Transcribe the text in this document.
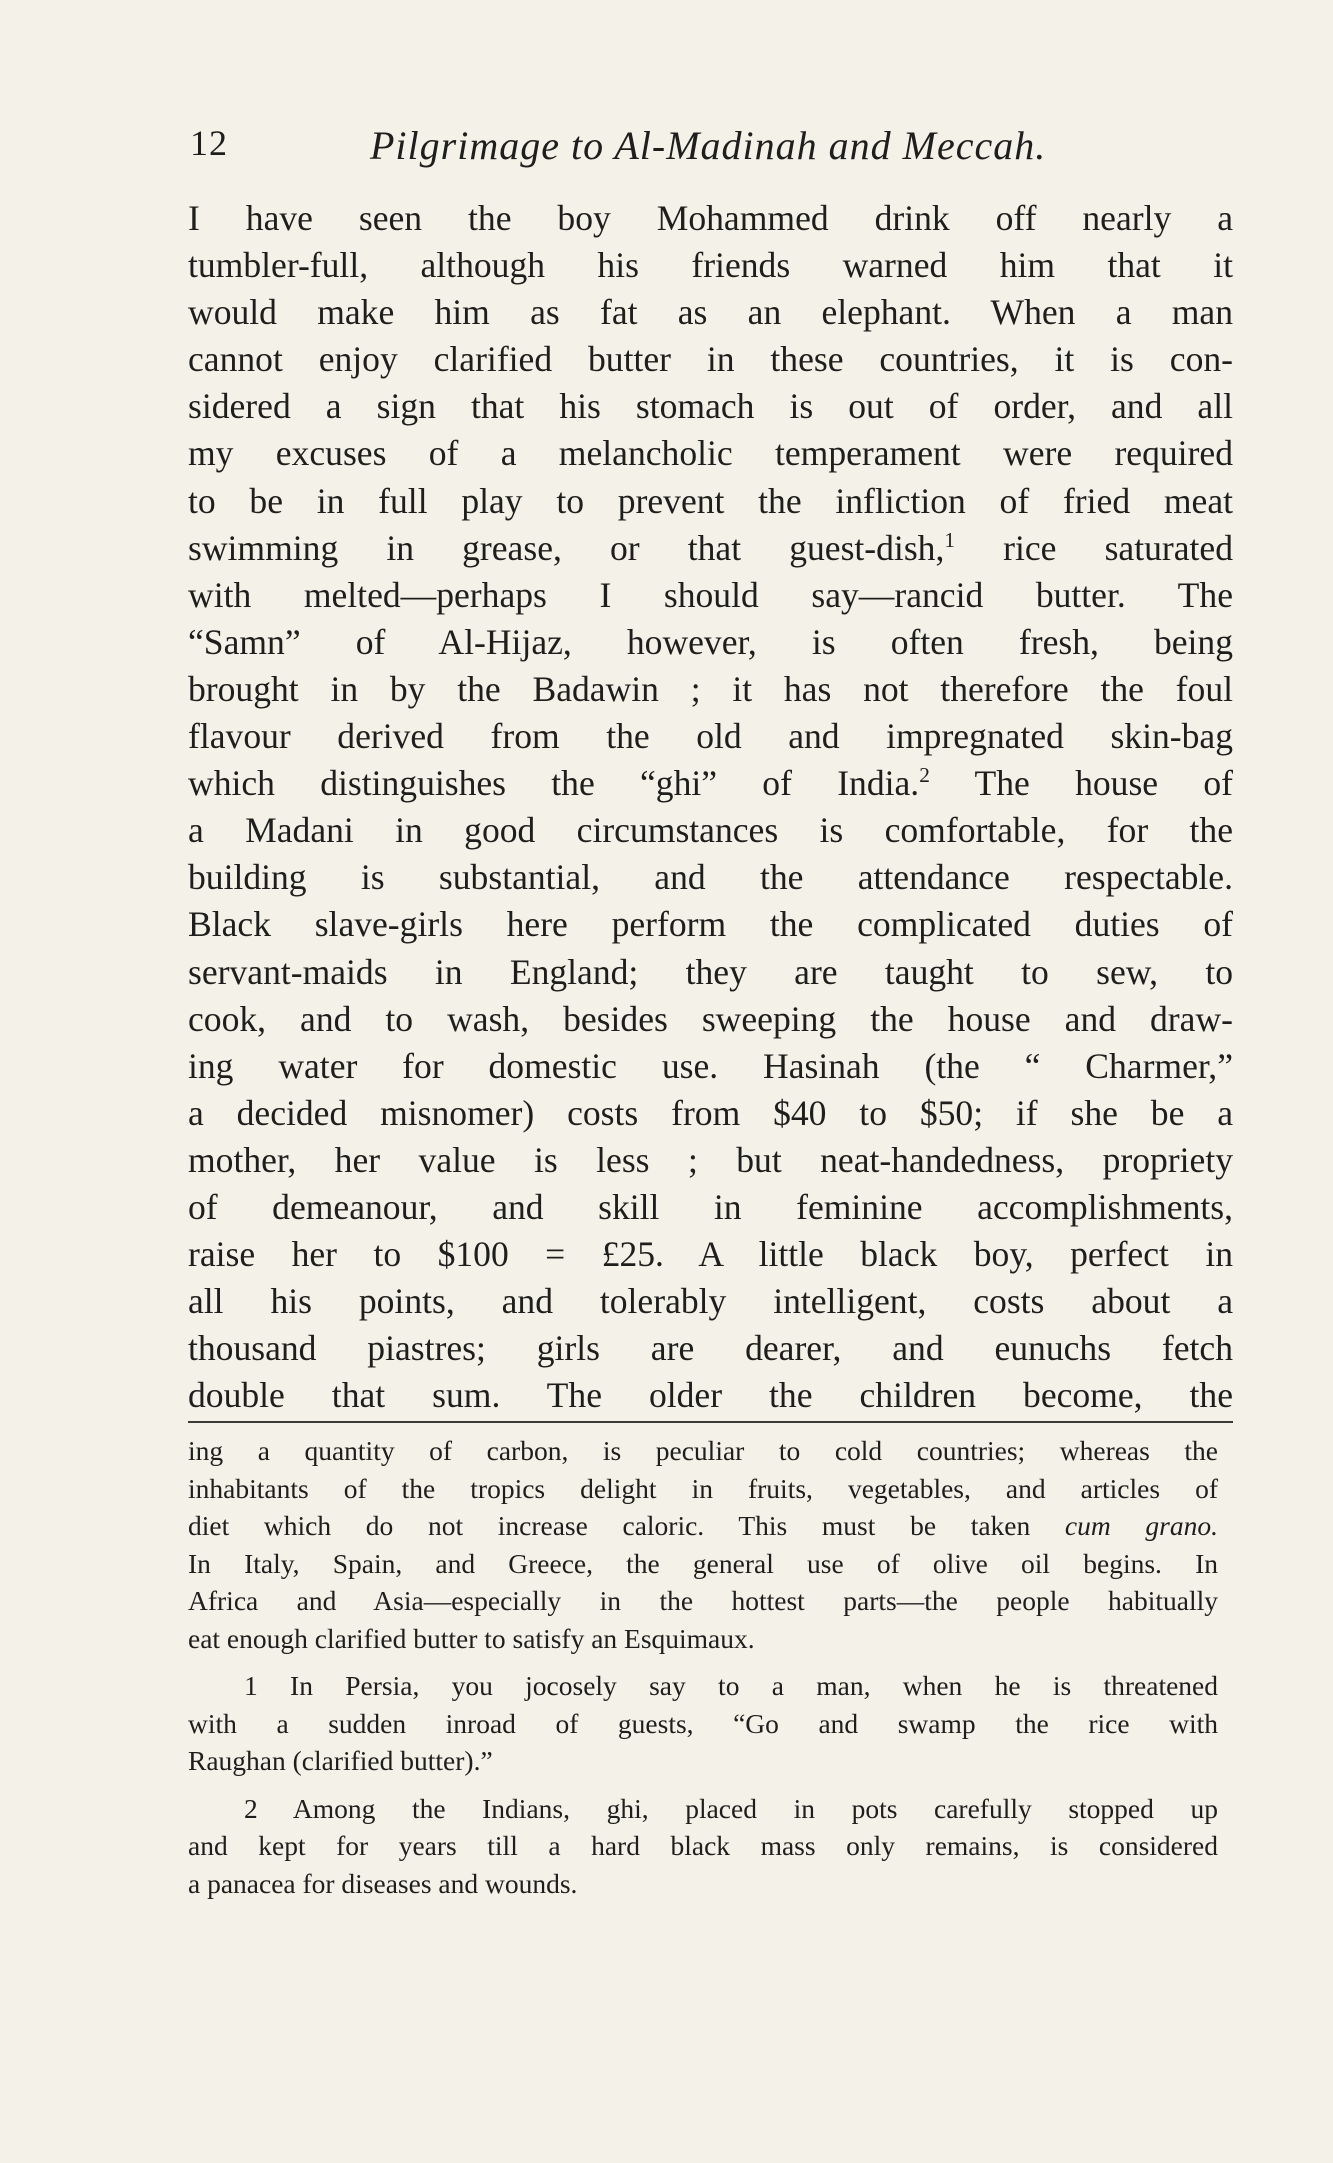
12	Pilgrimage to Al-Madinah and Meccah.
I have seen the boy Mohammed drink off nearly a
tumbler-full, although his friends warned him that it
would make him as fat as an elephant. When a man
cannot enjoy clarified butter in these countries, it is con-
sidered a sign that his stomach is out of order, and all
my excuses of a melancholic temperament were required
to be in full play to prevent the infliction of fried meat
swimming in grease, or that guest-dish,$^1$ rice saturated
with melted—perhaps I should say—rancid butter. The
“Samn” of Al-Hijaz, however, is often fresh, being
brought in by the Badawin ; it has not therefore the foul
flavour derived from the old and impregnated skin-bag
which distinguishes the “ghi” of India.$^2$ The house of
a Madani in good circumstances is comfortable, for the
building is substantial, and the attendance respectable.
Black slave-girls here perform the complicated duties of
servant-maids in England; they are taught to sew, to
cook, and to wash, besides sweeping the house and draw-
ing water for domestic use. Hasinah (the “ Charmer,”
a decided misnomer) costs from $40 to $50; if she be a
mother, her value is less ; but neat-handedness, propriety
of demeanour, and skill in feminine accomplishments,
raise her to $100 = £25. A little black boy, perfect in
all his points, and tolerably intelligent, costs about a
thousand piastres; girls are dearer, and eunuchs fetch
double that sum. The older the children become, the
ing a quantity of carbon, is peculiar to cold countries; whereas the
inhabitants of the tropics delight in fruits, vegetables, and articles of
diet which do not increase caloric. This must be taken cum grano.
In Italy, Spain, and Greece, the general use of olive oil begins. In
Africa and Asia—especially in the hottest parts—the people habitually
eat enough clarified butter to satisfy an Esquimaux.
1 In Persia, you jocosely say to a man, when he is threatened
with a sudden inroad of guests, “Go and swamp the rice with
Raughan (clarified butter).”
2 Among the Indians, ghi, placed in pots carefully stopped up
and kept for years till a hard black mass only remains, is considered
a panacea for diseases and wounds.
